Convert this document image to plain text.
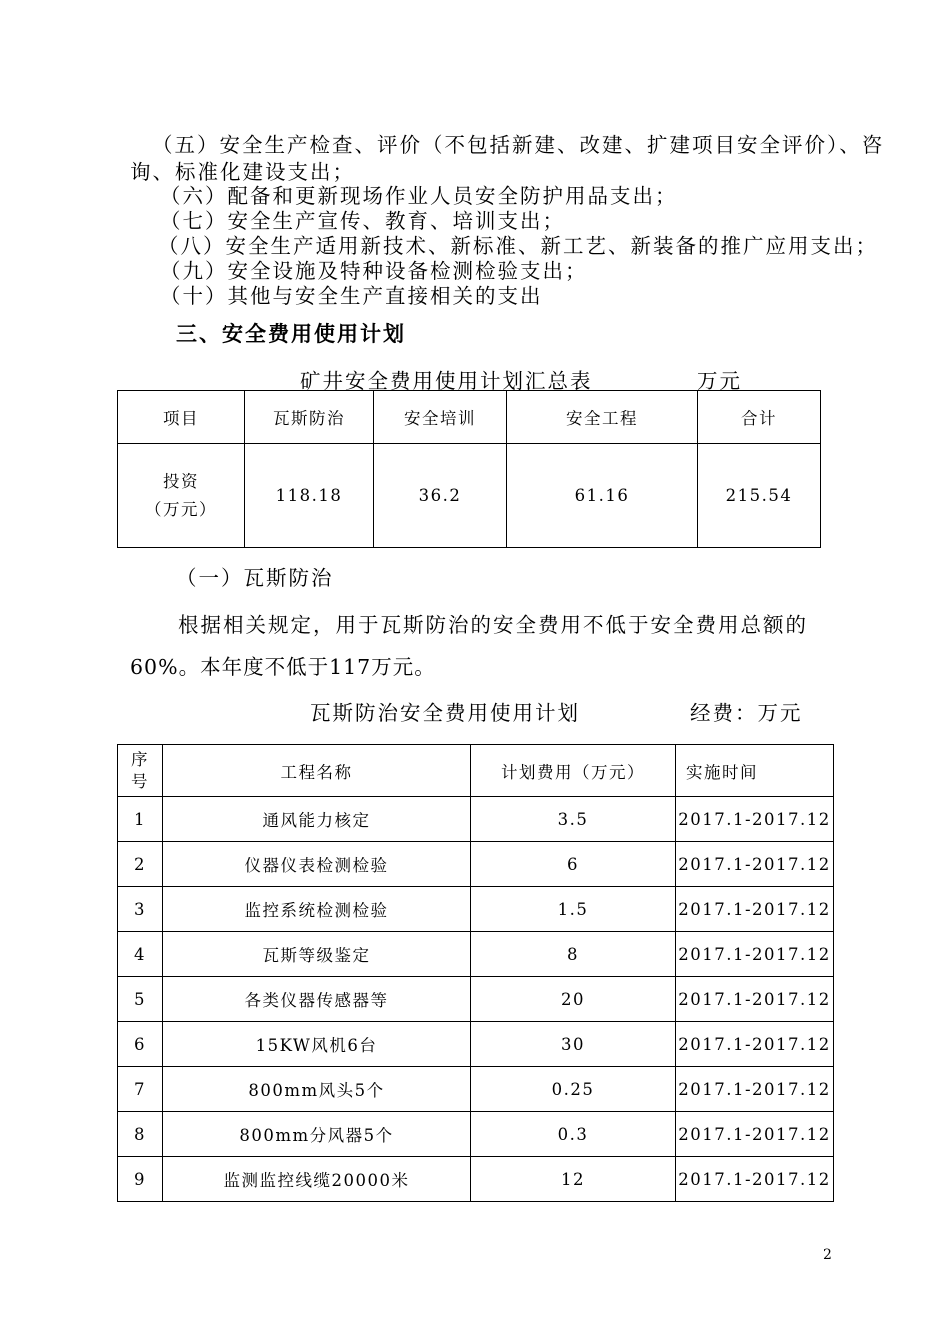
（五）安全生产检查、评价（不包括新建、改建、扩建项目安全评价）、咨
询、标准化建设支出；
（六）配备和更新现场作业人员安全防护用品支出；
（七）安全生产宣传、教育、培训支出；
（八）安全生产适用新技术、新标准、新工艺、新装备的推广应用支出；
（九）安全设施及特种设备检测检验支出；
（十）其他与安全生产直接相关的支出
三、安全费用使用计划
矿井安全费用使用计划汇总表	万元
项目	瓦斯防治	安全培训	安全工程	合计

投资
（万元）	118.18	36.2	61.16	215.54
（一）瓦斯防治
根据相关规定，用于瓦斯防治的安全费用不低于安全费用总额的
60%。本年度不低于117万元。
瓦斯防治安全费用使用计划	经费：万元
序
号	工程名称	计划费用（万元）	实施时间
1	通风能力核定	3.5	2017.1-2017.12
2	仪器仪表检测检验	6	2017.1-2017.12
3	监控系统检测检验	1.5	2017.1-2017.12
4	瓦斯等级鉴定	8	2017.1-2017.12
5	各类仪器传感器等	20	2017.1-2017.12
6	15KW风机6台	30	2017.1-2017.12
7	800mm风头5个	0.25	2017.1-2017.12
8	800mm分风器5个	0.3	2017.1-2017.12
9	监测监控线缆20000米	12	2017.1-2017.12
2
